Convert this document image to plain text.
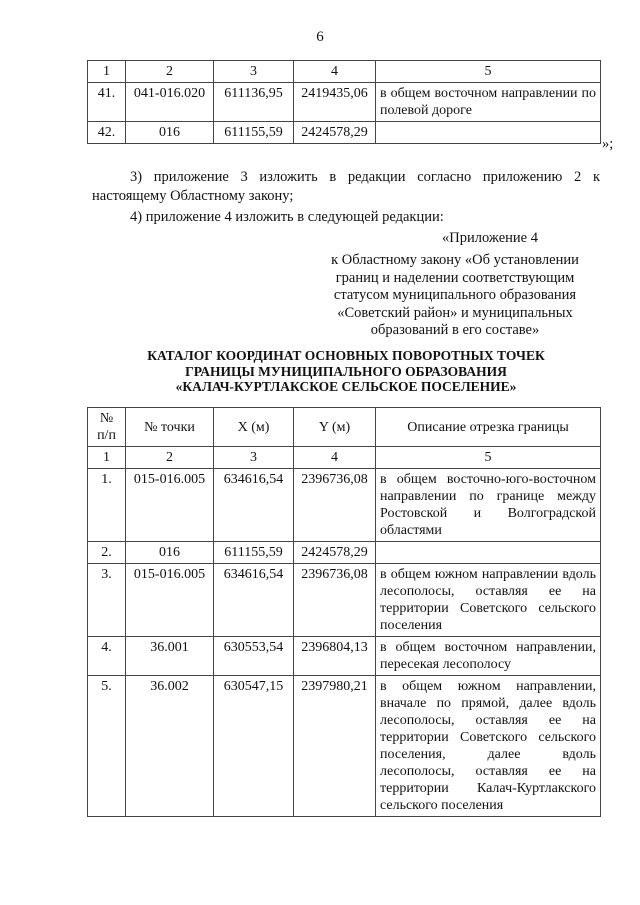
6
1	2	3	4	5
41.	041-016.020	611136,95	2419435,06	в общем восточном направлении по полевой дороге
42.	016	611155,59	2424578,29	
»;
3) приложение 3 изложить в редакции согласно приложению 2 к настоящему Областному закону;
4) приложение 4 изложить в следующей редакции:
«Приложение 4
к Областному закону «Об установлении
границ и наделении соответствующим
статусом муниципального образования
«Советский район» и муниципальных
образований в его составе»
КАТАЛОГ КООРДИНАТ ОСНОВНЫХ ПОВОРОТНЫХ ТОЧЕК
ГРАНИЦЫ МУНИЦИПАЛЬНОГО ОБРАЗОВАНИЯ
«КАЛАЧ-КУРТЛАКСКОЕ СЕЛЬСКОЕ ПОСЕЛЕНИЕ»
№
п/п	№ точки	X (м)	Y (м)	Описание отрезка границы
1	2	3	4	5
1.	015-016.005	634616,54	2396736,08	в общем восточно-юго-восточном направлении по границе между Ростовской и Волгоградской областями
2.	016	611155,59	2424578,29	
3.	015-016.005	634616,54	2396736,08	в общем южном направлении вдоль лесополосы, оставляя ее на территории Советского сельского поселения
4.	36.001	630553,54	2396804,13	в общем восточном направлении, пересекая лесополосу
5.	36.002	630547,15	2397980,21	в общем южном направлении, вначале по прямой, далее вдоль лесополосы, оставляя ее на территории Советского сельского поселения, далее вдоль лесополосы, оставляя ее на территории Калач-Куртлакского сельского поселения
